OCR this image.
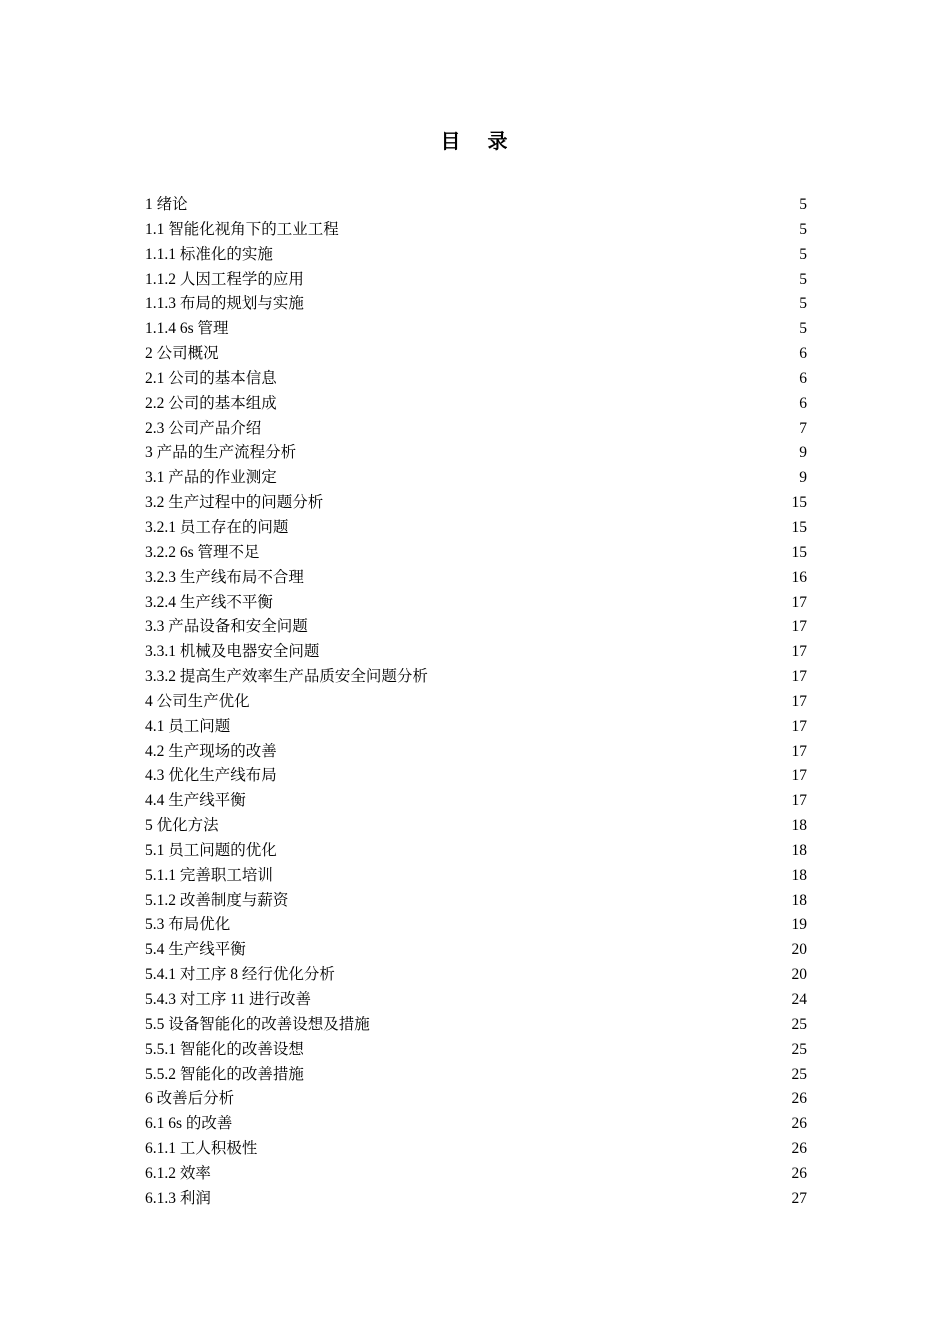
目 录
1 绪论	5
1.1 智能化视角下的工业工程	5
1.1.1 标准化的实施	5
1.1.2 人因工程学的应用	5
1.1.3 布局的规划与实施	5
1.1.4 6s 管理	5
2 公司概况	6
2.1 公司的基本信息	6
2.2 公司的基本组成	6
2.3 公司产品介绍	7
3 产品的生产流程分析	9
3.1 产品的作业测定	9
3.2 生产过程中的问题分析	15
3.2.1 员工存在的问题	15
3.2.2 6s 管理不足	15
3.2.3 生产线布局不合理	16
3.2.4 生产线不平衡	17
3.3 产品设备和安全问题	17
3.3.1 机械及电器安全问题	17
3.3.2 提高生产效率生产品质安全问题分析	17
4 公司生产优化	17
4.1 员工问题	17
4.2 生产现场的改善	17
4.3 优化生产线布局	17
4.4 生产线平衡	17
5 优化方法	18
5.1 员工问题的优化	18
5.1.1 完善职工培训	18
5.1.2 改善制度与薪资	18
5.3 布局优化	19
5.4 生产线平衡	20
5.4.1 对工序 8 经行优化分析	20
5.4.3 对工序 11 进行改善	24
5.5 设备智能化的改善设想及措施	25
5.5.1 智能化的改善设想	25
5.5.2 智能化的改善措施	25
6 改善后分析	26
6.1 6s 的改善	26
6.1.1 工人积极性	26
6.1.2 效率	26
6.1.3 利润	27
